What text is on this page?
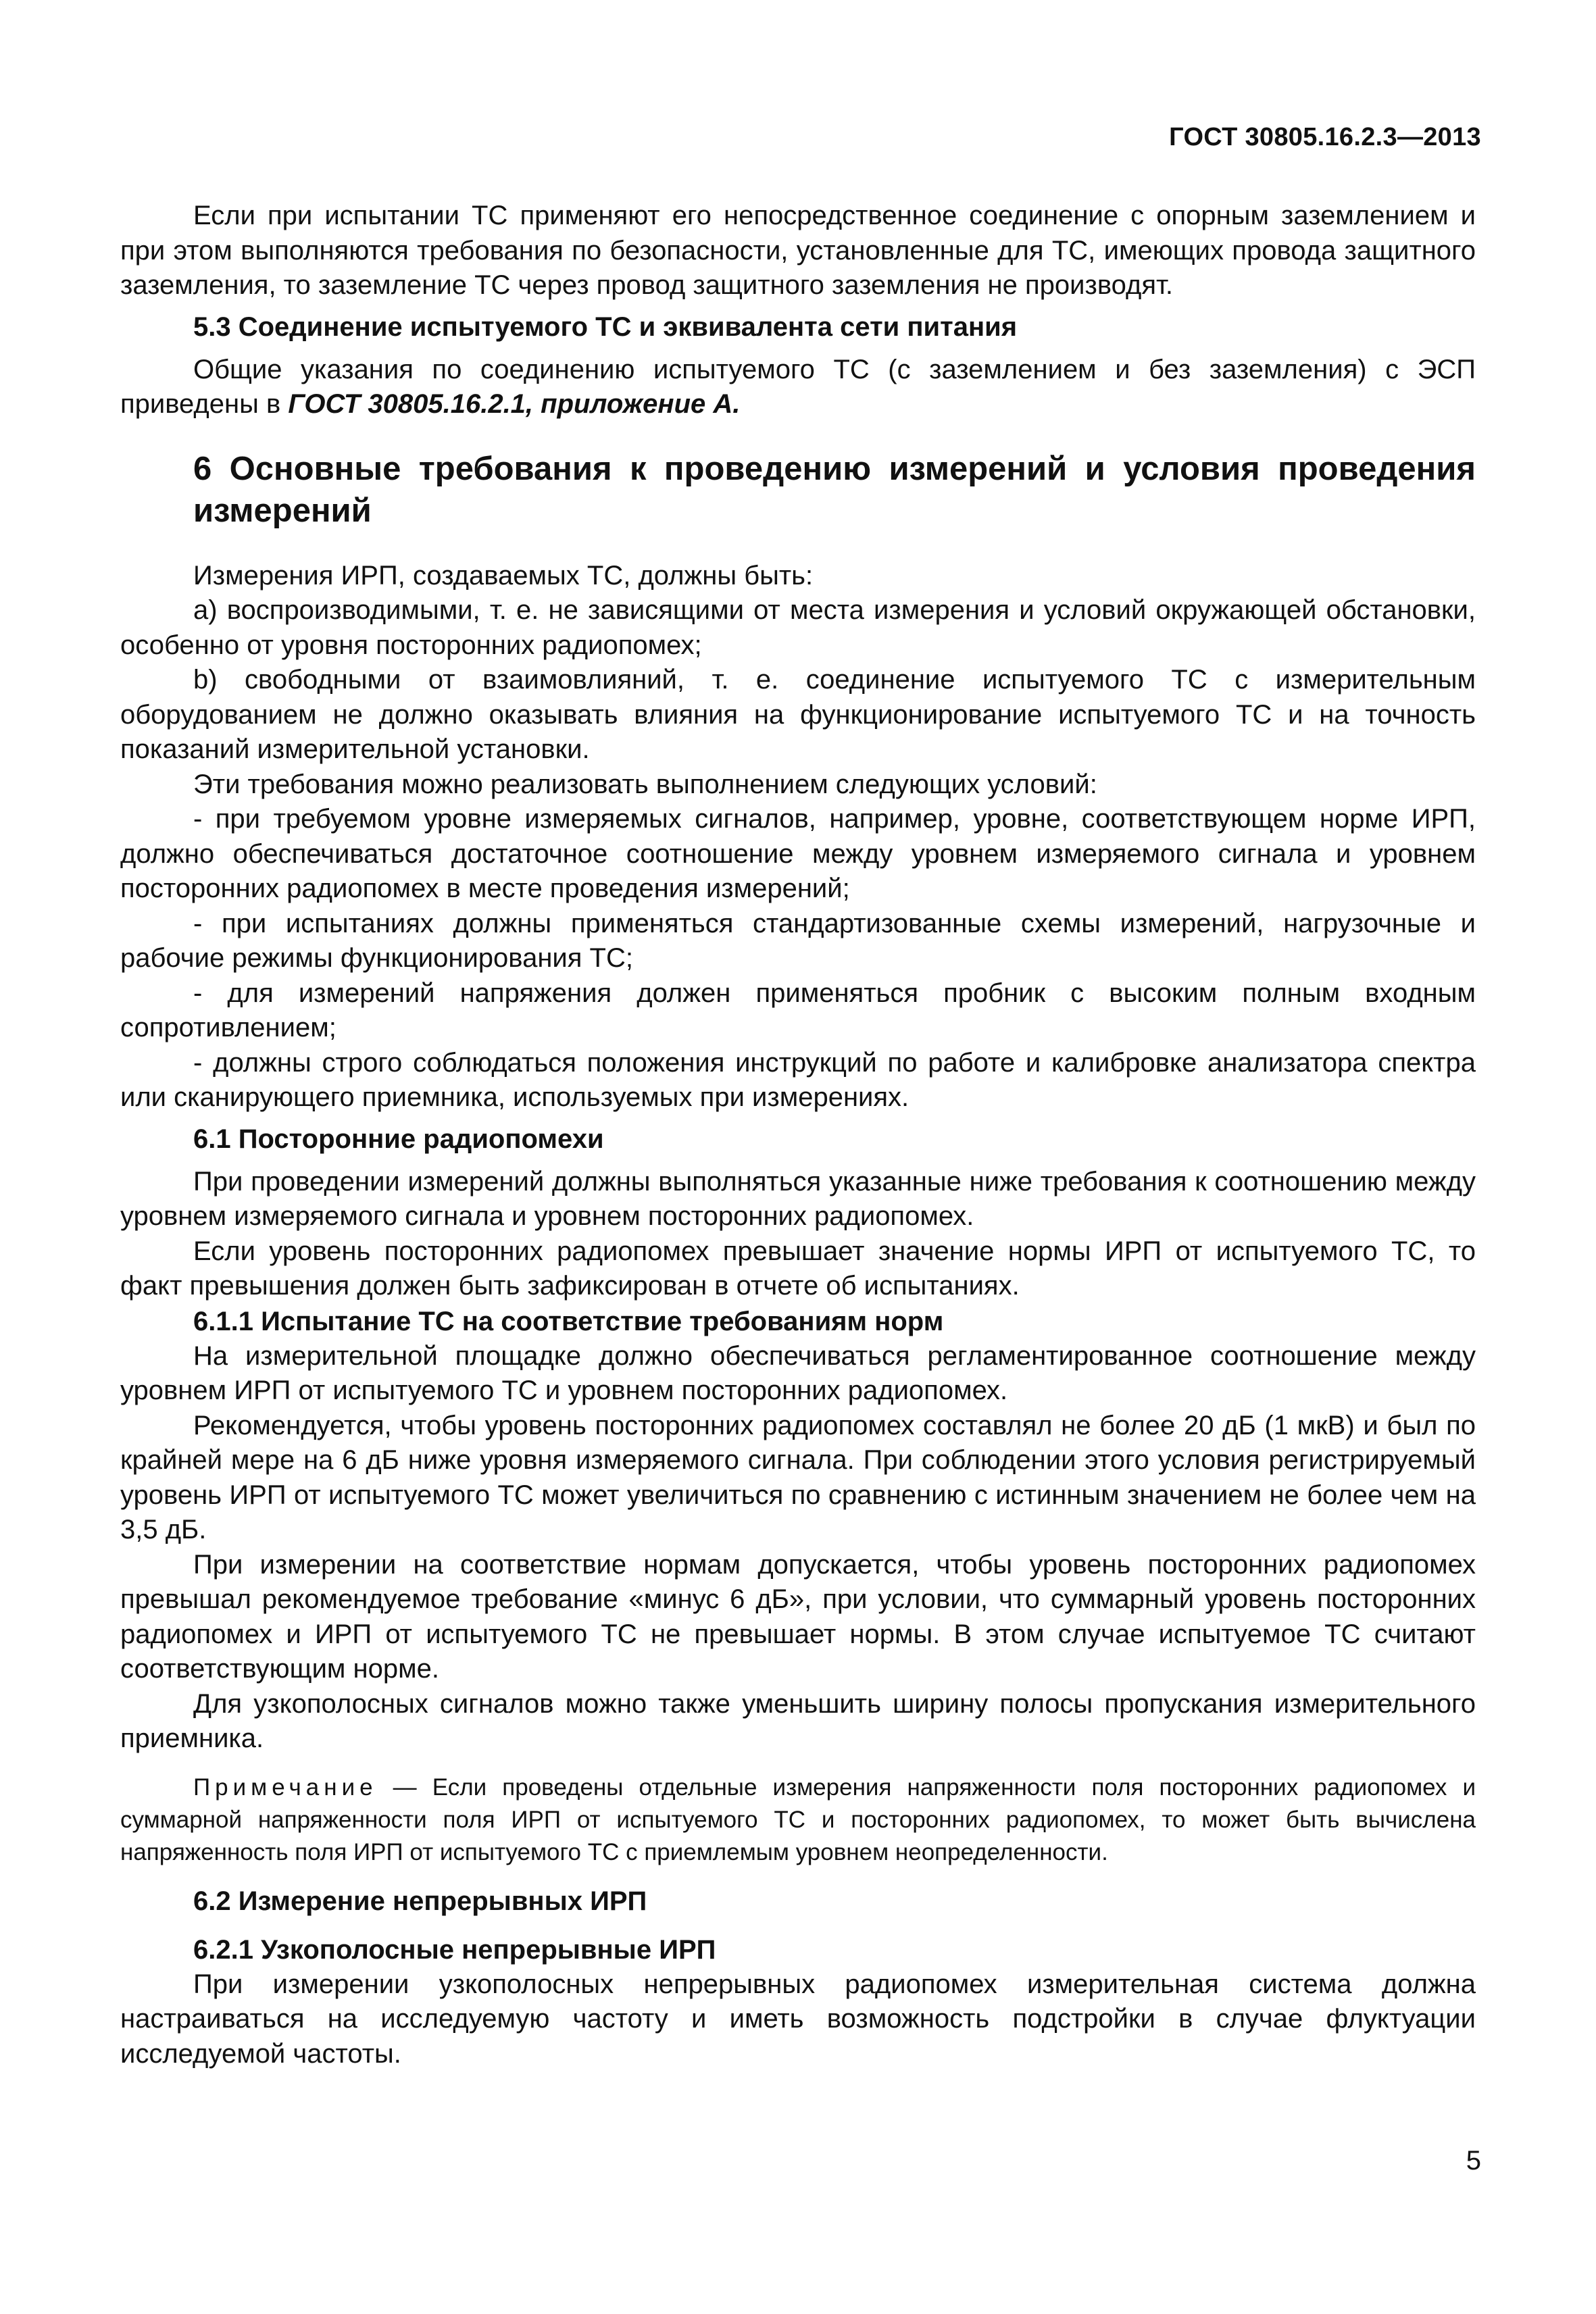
ГОСТ 30805.16.2.3—2013

Если при испытании ТС применяют его непосредственное соединение с опорным заземлением и при этом выполняются требования по безопасности, установленные для ТС, имеющих провода защитного заземления, то заземление ТС через провод защитного заземления не производят.

5.3 Соединение испытуемого ТС и эквивалента сети питания

Общие указания по соединению испытуемого ТС (с заземлением и без заземления) с ЭСП приведены в ГОСТ 30805.16.2.1, приложение А.

6 Основные требования к проведению измерений и условия проведения измерений

Измерения ИРП, создаваемых ТС, должны быть:

a) воспроизводимыми, т. е. не зависящими от места измерения и условий окружающей обстановки, особенно от уровня посторонних радиопомех;

b) свободными от взаимовлияний, т. е. соединение испытуемого ТС с измерительным оборудованием не должно оказывать влияния на функционирование испытуемого ТС и на точность показаний измерительной установки.

Эти требования можно реализовать выполнением следующих условий:

- при требуемом уровне измеряемых сигналов, например, уровне, соответствующем норме ИРП, должно обеспечиваться достаточное соотношение между уровнем измеряемого сигнала и уровнем посторонних радиопомех в месте проведения измерений;

- при испытаниях должны применяться стандартизованные схемы измерений, нагрузочные и рабочие режимы функционирования ТС;

- для измерений напряжения должен применяться пробник с высоким полным входным сопротивлением;

- должны строго соблюдаться положения инструкций по работе и калибровке анализатора спектра или сканирующего приемника, используемых при измерениях.

6.1 Посторонние радиопомехи

При проведении измерений должны выполняться указанные ниже требования к соотношению между уровнем измеряемого сигнала и уровнем посторонних радиопомех.

Если уровень посторонних радиопомех превышает значение нормы ИРП от испытуемого ТС, то факт превышения должен быть зафиксирован в отчете об испытаниях.

6.1.1 Испытание ТС на соответствие требованиям норм

На измерительной площадке должно обеспечиваться регламентированное соотношение между уровнем ИРП от испытуемого ТС и уровнем посторонних радиопомех.

Рекомендуется, чтобы уровень посторонних радиопомех составлял не более 20 дБ (1 мкВ) и был по крайней мере на 6 дБ ниже уровня измеряемого сигнала. При соблюдении этого условия регистрируемый уровень ИРП от испытуемого ТС может увеличиться по сравнению с истинным значением не более чем на 3,5 дБ.

При измерении на соответствие нормам допускается, чтобы уровень посторонних радиопомех превышал рекомендуемое требование «минус 6 дБ», при условии, что суммарный уровень посторонних радиопомех и ИРП от испытуемого ТС не превышает нормы. В этом случае испытуемое ТС считают соответствующим норме.

Для узкополосных сигналов можно также уменьшить ширину полосы пропускания измерительного приемника.

Примечание — Если проведены отдельные измерения напряженности поля посторонних радиопомех и суммарной напряженности поля ИРП от испытуемого ТС и посторонних радиопомех, то может быть вычислена напряженность поля ИРП от испытуемого ТС с приемлемым уровнем неопределенности.

6.2 Измерение непрерывных ИРП
6.2.1 Узкополосные непрерывные ИРП

При измерении узкополосных непрерывных радиопомех измерительная система должна настраиваться на исследуемую частоту и иметь возможность подстройки в случае флуктуации исследуемой частоты.

5
